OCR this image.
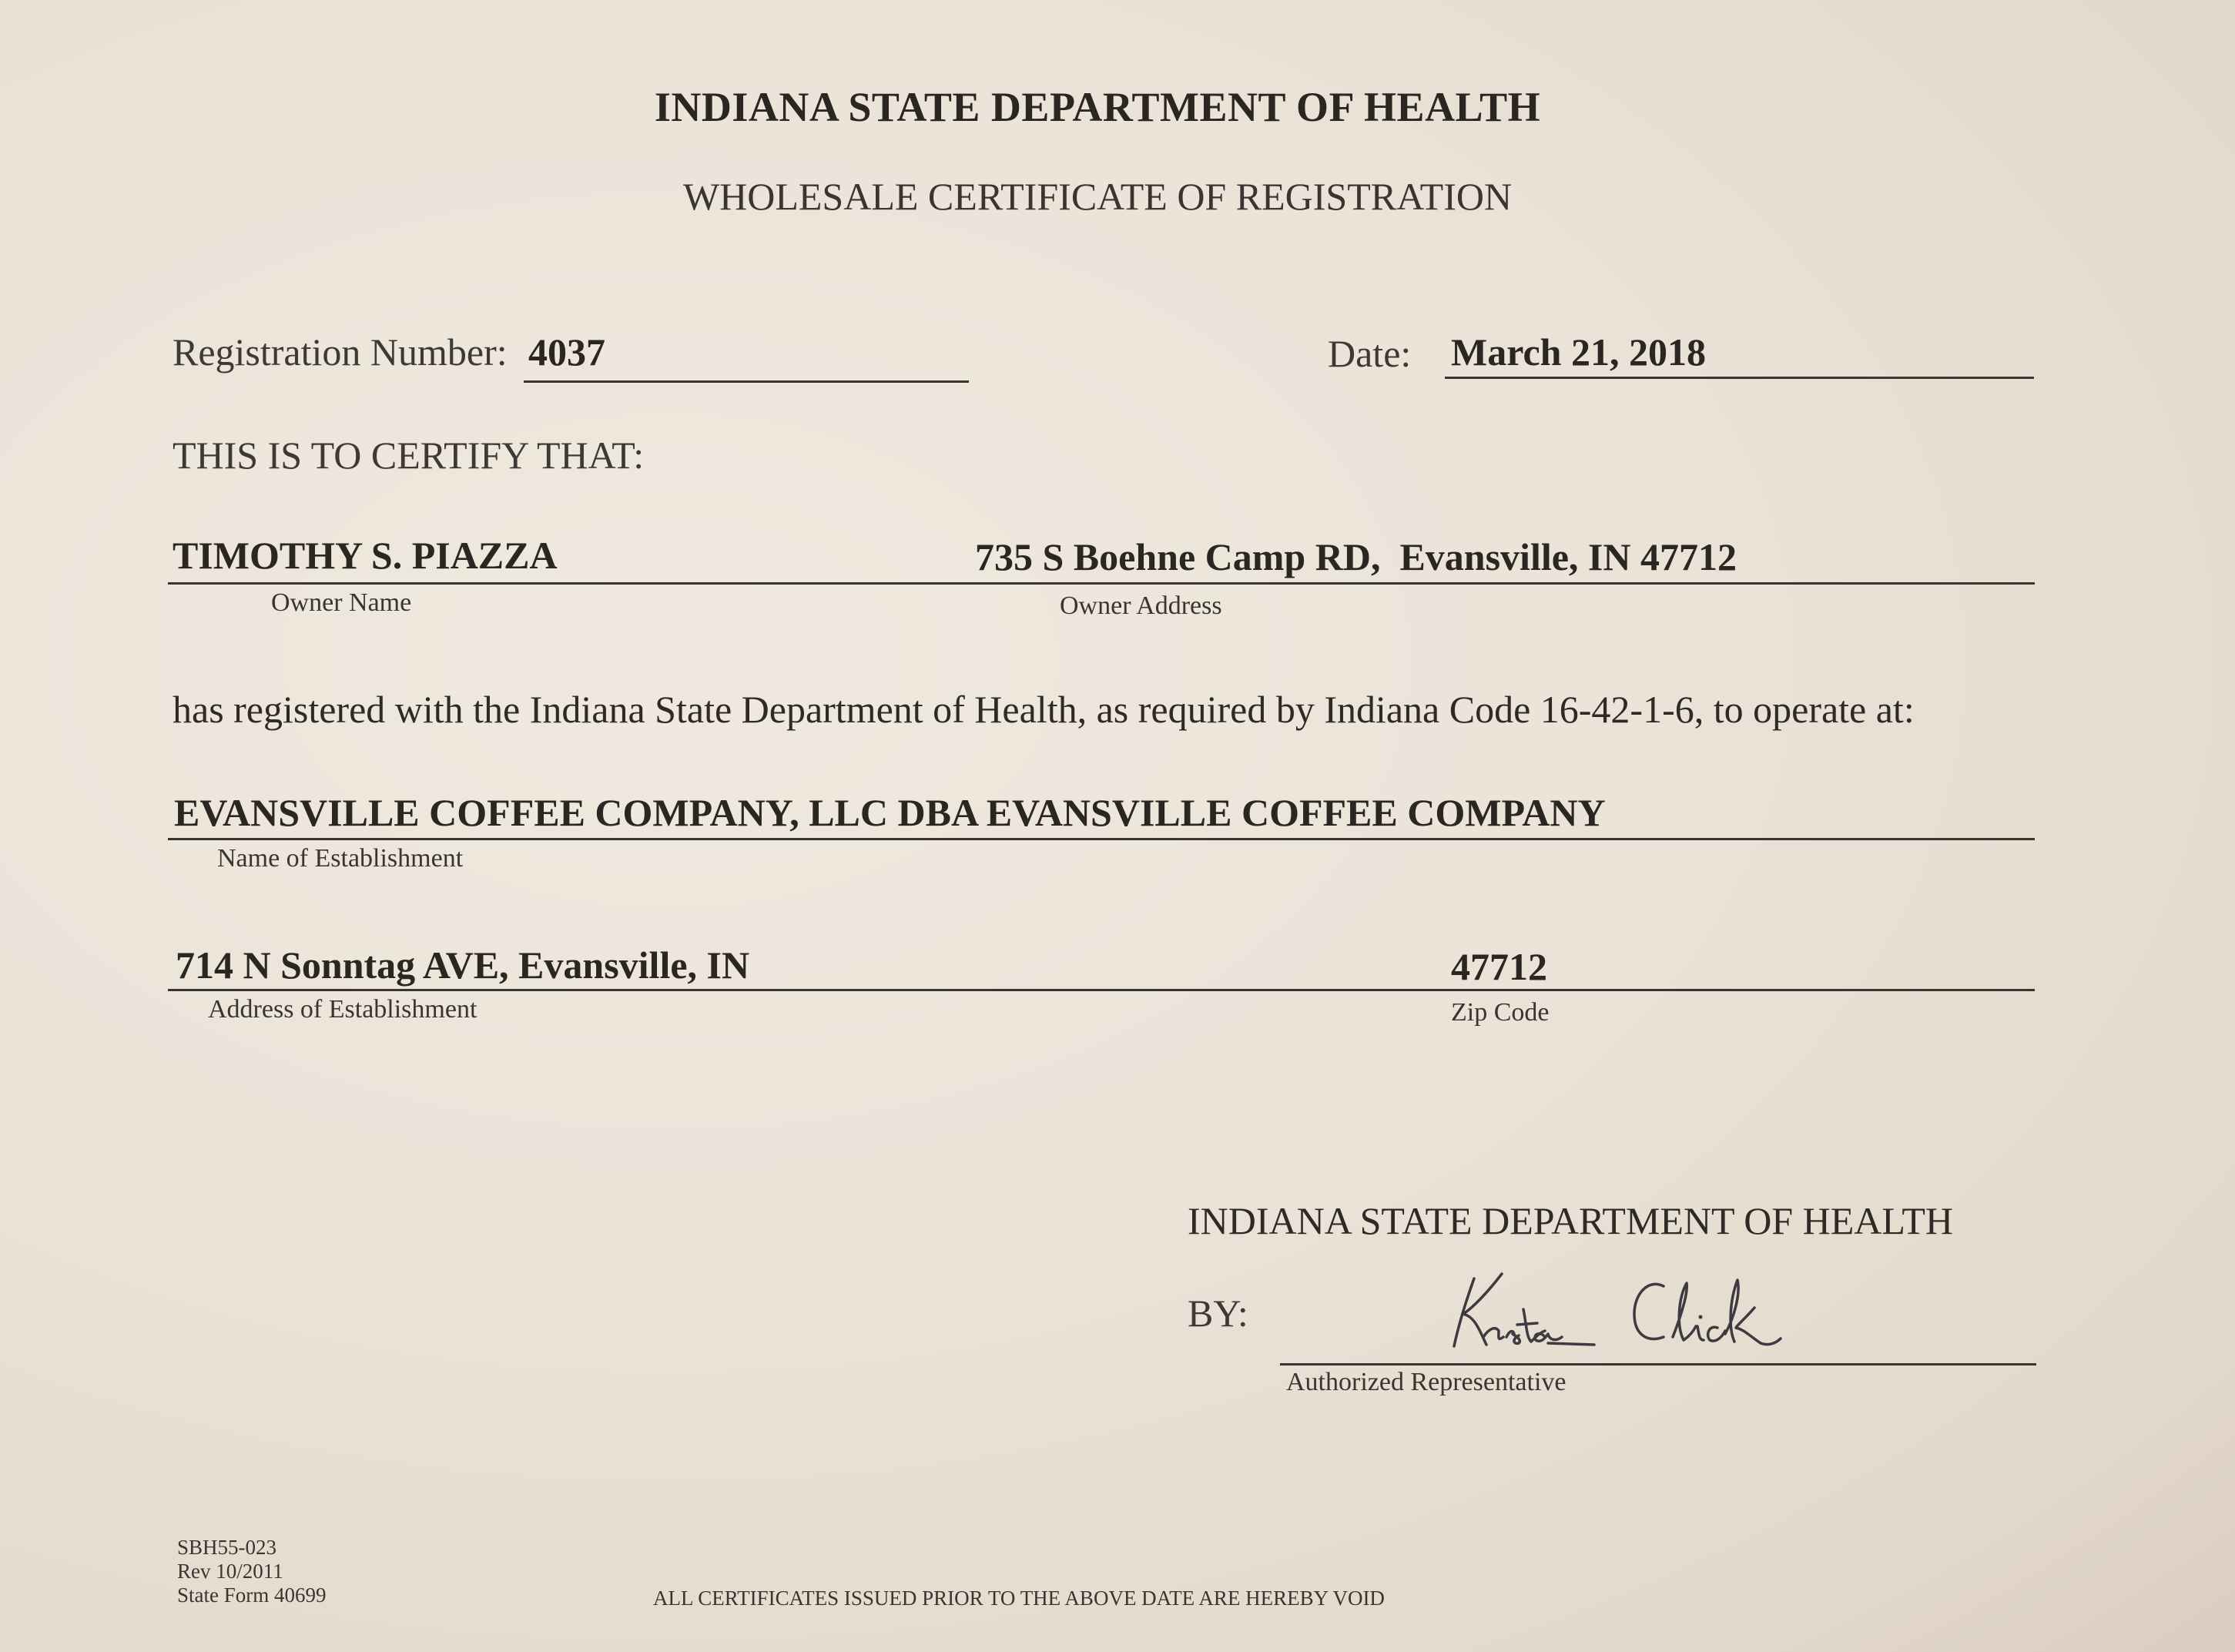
INDIANA STATE DEPARTMENT OF HEALTH
WHOLESALE CERTIFICATE OF REGISTRATION
Registration Number: 4037	Date: March 21, 2018
THIS IS TO CERTIFY THAT:
TIMOTHY S. PIAZZA	735 S Boehne Camp RD,  Evansville, IN 47712
Owner Name	Owner Address
has registered with the Indiana State Department of Health, as required by Indiana Code 16-42-1-6, to operate at:
EVANSVILLE COFFEE COMPANY, LLC DBA EVANSVILLE COFFEE COMPANY
Name of Establishment
714 N Sonntag AVE, Evansville, IN	47712
Address of Establishment	Zip Code
INDIANA STATE DEPARTMENT OF HEALTH
BY:
Authorized Representative
SBH55-023
Rev 10/2011
State Form 40699	ALL CERTIFICATES ISSUED PRIOR TO THE ABOVE DATE ARE HEREBY VOID
